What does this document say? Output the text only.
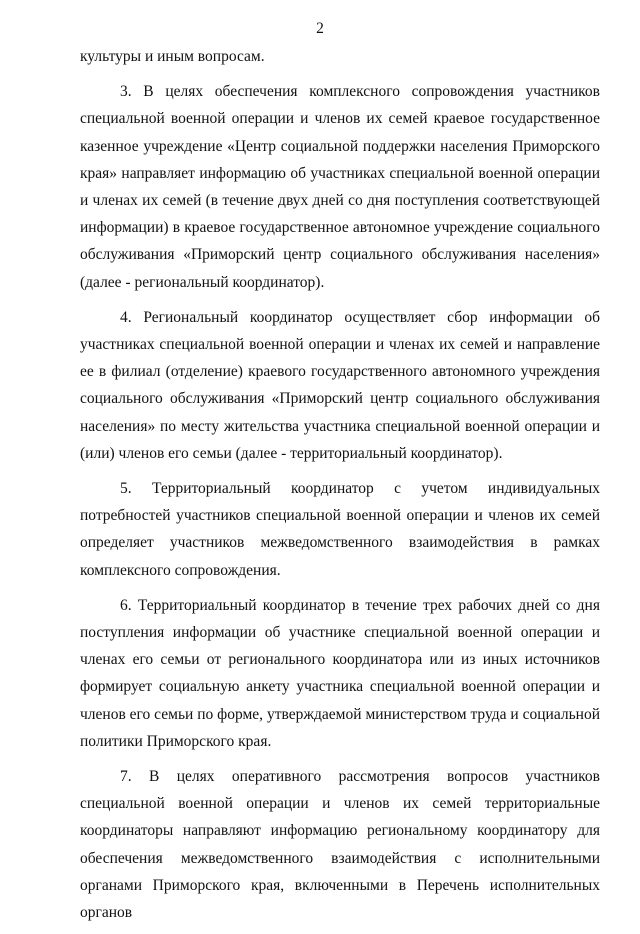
2

культуры и иным вопросам.

3. В целях обеспечения комплексного сопровождения участников специальной военной операции и членов их семей краевое государственное казенное учреждение «Центр социальной поддержки населения Приморского края» направляет информацию об участниках специальной военной операции и членах их семей (в течение двух дней со дня поступления соответствующей информации) в краевое государственное автономное учреждение социального обслуживания «Приморский центр социального обслуживания населения» (далее - региональный координатор).

4. Региональный координатор осуществляет сбор информации об участниках специальной военной операции и членах их семей и направление ее в филиал (отделение) краевого государственного автономного учреждения социального обслуживания «Приморский центр социального обслуживания населения» по месту жительства участника специальной военной операции и (или) членов его семьи (далее - территориальный координатор).

5. Территориальный координатор с учетом индивидуальных потребностей участников специальной военной операции и членов их семей определяет участников межведомственного взаимодействия в рамках комплексного сопровождения.

6. Территориальный координатор в течение трех рабочих дней со дня поступления информации об участнике специальной военной операции и членах его семьи от регионального координатора или из иных источников формирует социальную анкету участника специальной военной операции и членов его семьи по форме, утверждаемой министерством труда и социальной политики Приморского края.

7. В целях оперативного рассмотрения вопросов участников специальной военной операции и членов их семей территориальные координаторы направляют информацию региональному координатору для обеспечения межведомственного взаимодействия с исполнительными органами Приморского края, включенными в Перечень исполнительных органов
